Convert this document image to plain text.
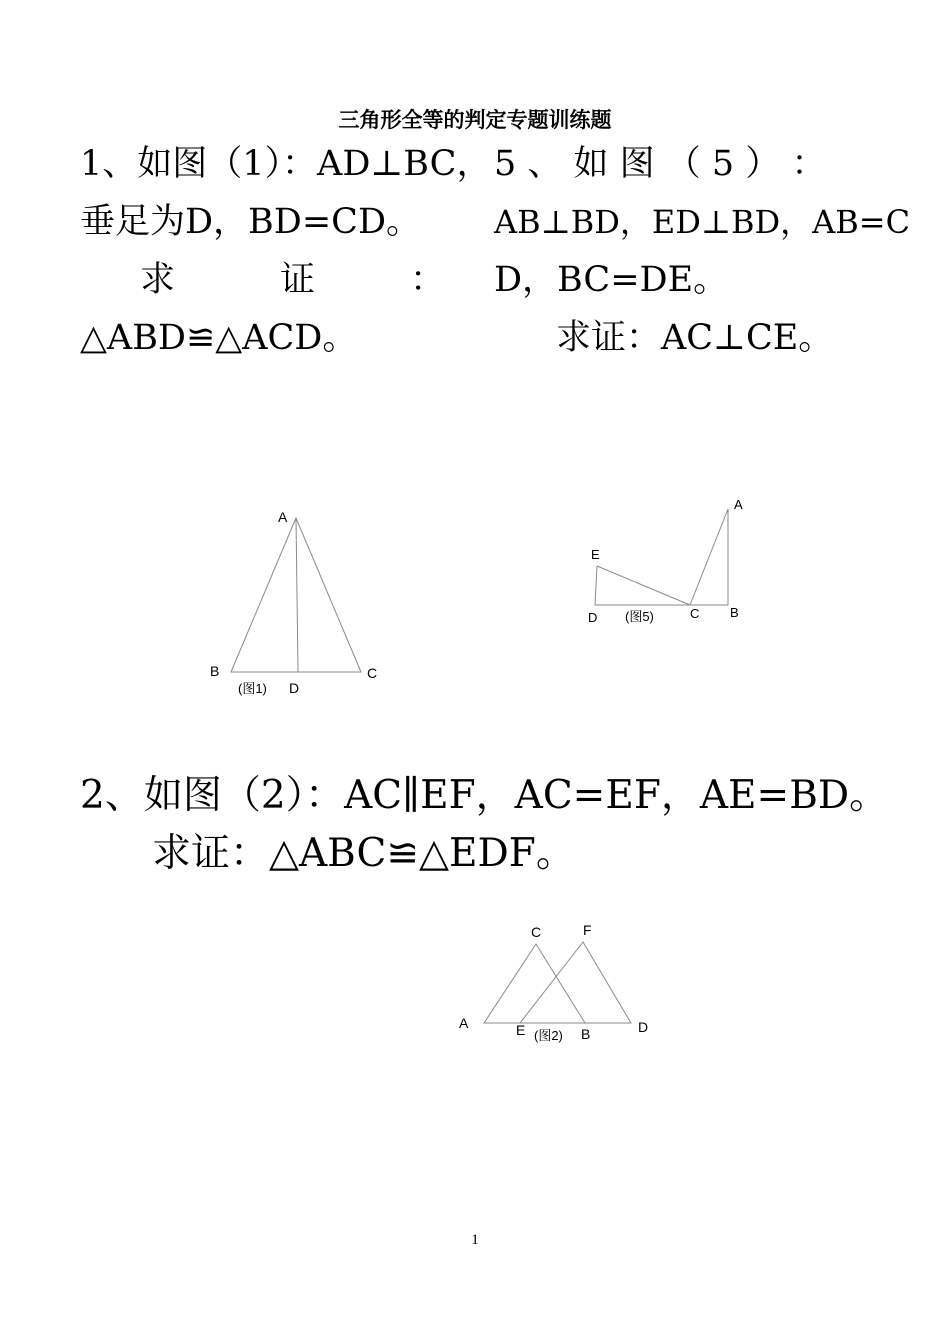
三角形全等的判定专题训练题
1、如图（1）：AD⊥BC，
垂足为D，BD=CD。
求	证	：
△ABD≌△ACD。
5 、 如 图 （ 5 ） ：
AB⊥BD，ED⊥BD，AB=C
D，BC=DE。
求证：AC⊥CE。
A
B	C
D
(图1)
A
E
D	C B
(图5)
2、如图（2）：AC∥EF，AC=EF，AE=BD。
求证：△ABC≌△EDF。
C	F
A	E	B	D
(图2)
1
